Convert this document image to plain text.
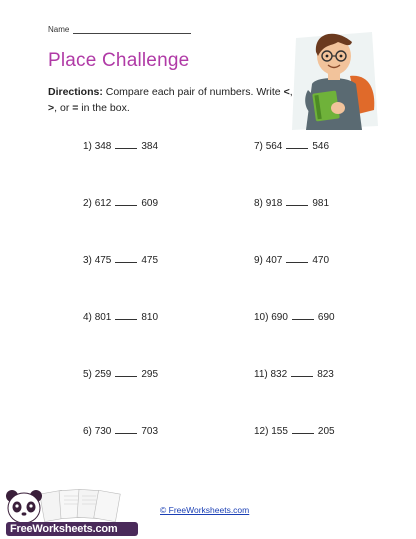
Name
Place Challenge
Directions: Compare each pair of numbers. Write <, >, or = in the box.
1) 348	384
2) 612	609
3) 475	475
4) 801	810
5) 259	295
6) 730	703
7) 564	546
8) 918	981
9) 407	470
10) 690	690
11) 832	823
12) 155	205
© FreeWorksheets.com
FreeWorksheets.com
